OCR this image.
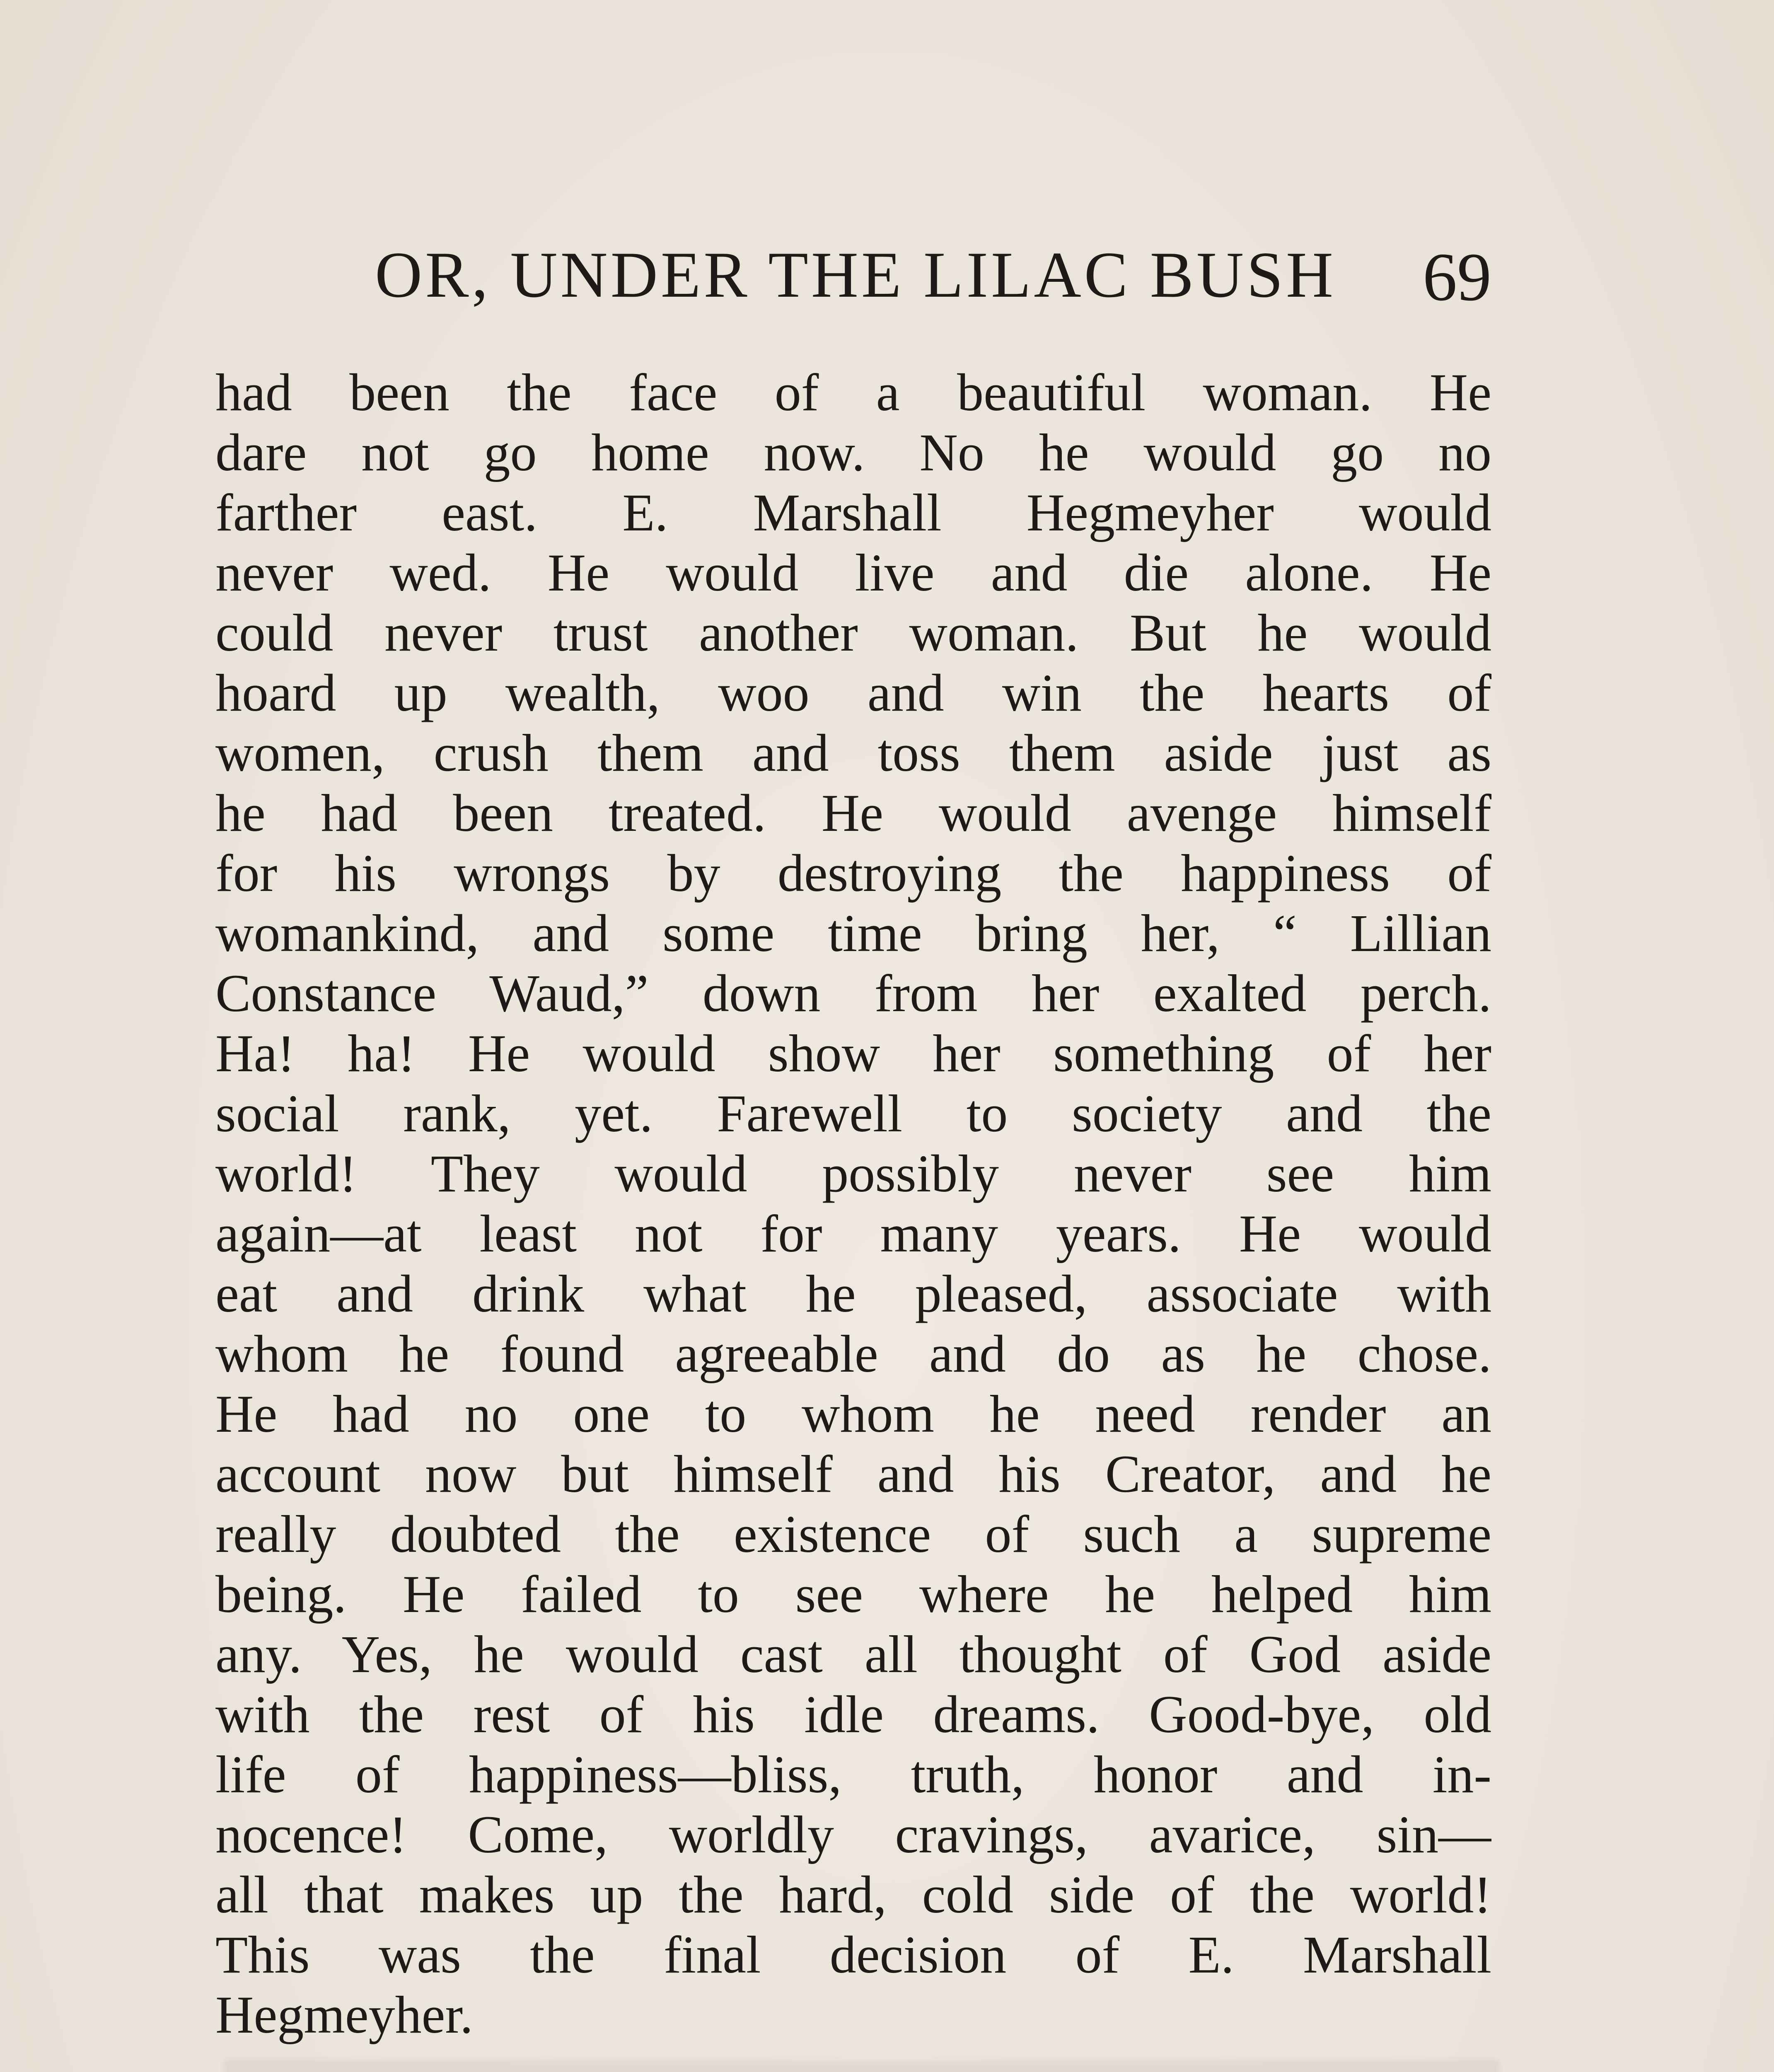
OR, UNDER THE LILAC BUSH 69
had been the face of a beautiful woman. He
dare not go home now. No he would go no
farther east. E. Marshall Hegmeyher would
never wed. He would live and die alone. He
could never trust another woman. But he would
hoard up wealth, woo and win the hearts of
women, crush them and toss them aside just as
he had been treated. He would avenge himself
for his wrongs by destroying the happiness of
womankind, and some time bring her, “ Lillian
Constance Waud,” down from her exalted perch.
Ha! ha! He would show her something of her
social rank, yet. Farewell to society and the
world! They would possibly never see him
again—at least not for many years. He would
eat and drink what he pleased, associate with
whom he found agreeable and do as he chose.
He had no one to whom he need render an
account now but himself and his Creator, and he
really doubted the existence of such a supreme
being. He failed to see where he helped him
any. Yes, he would cast all thought of God aside
with the rest of his idle dreams. Good-bye, old
life of happiness—bliss, truth, honor and in-
nocence! Come, worldly cravings, avarice, sin—
all that makes up the hard, cold side of the world!
This was the final decision of E. Marshall
Hegmeyher.
